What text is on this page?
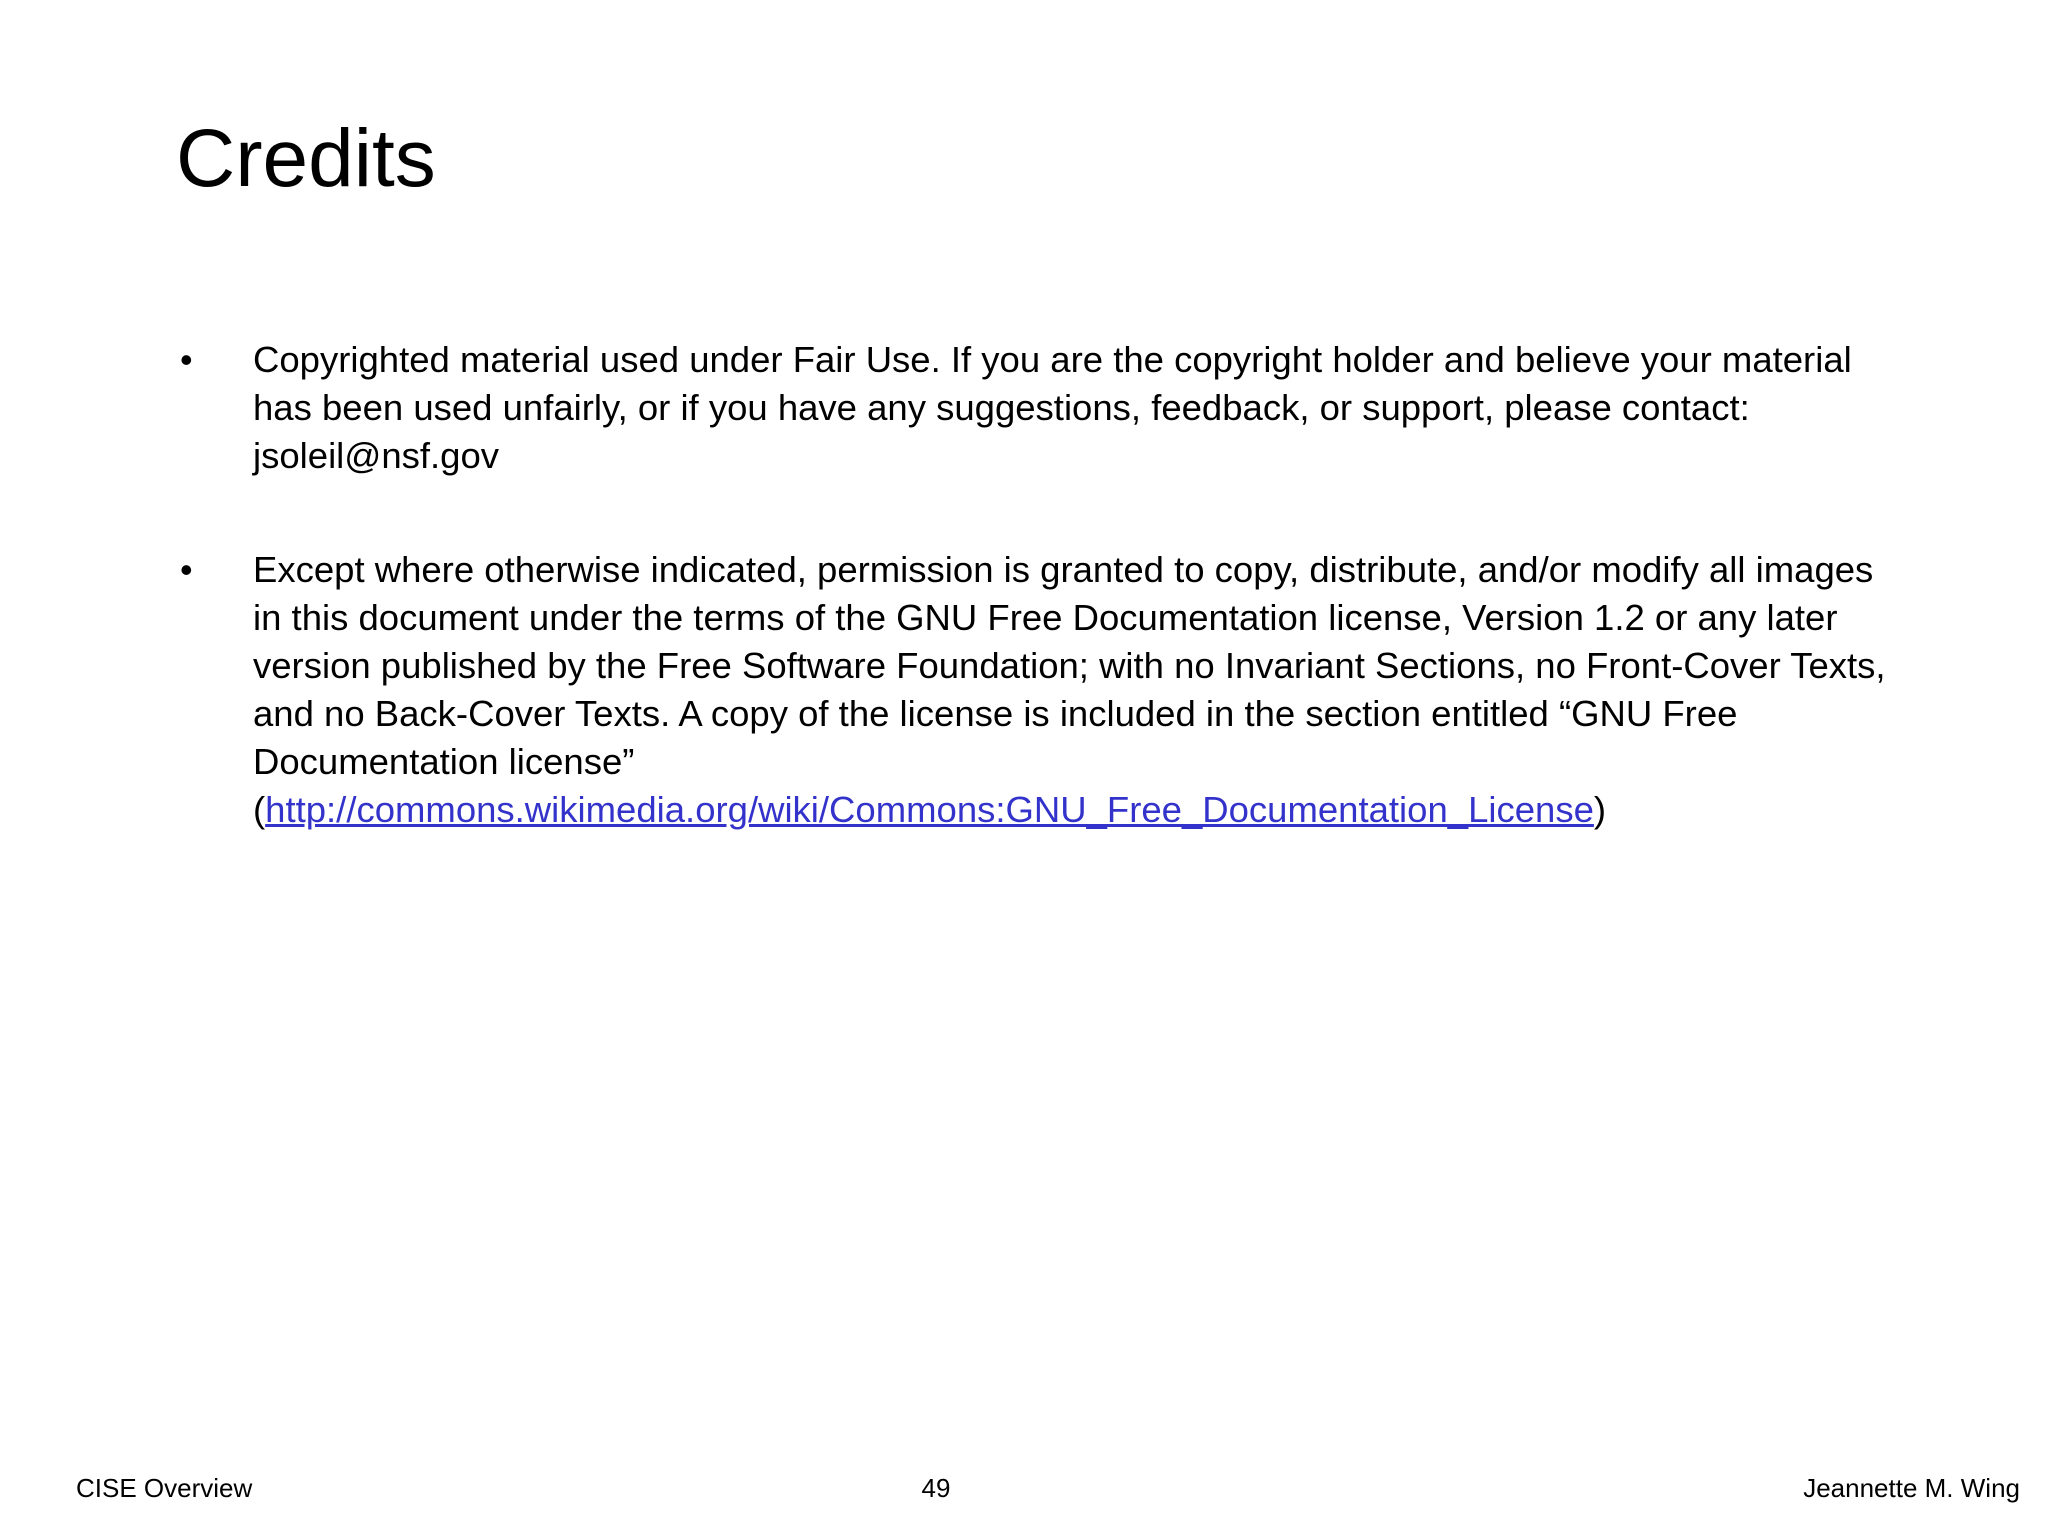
Credits
• Copyrighted material used under Fair Use. If you are the copyright holder and believe your material has been used unfairly, or if you have any suggestions, feedback, or support, please contact: jsoleil@nsf.gov
• Except where otherwise indicated, permission is granted to copy, distribute, and/or modify all images in this document under the terms of the GNU Free Documentation license, Version 1.2 or any later version published by the Free Software Foundation; with no Invariant Sections, no Front-Cover Texts, and no Back-Cover Texts. A copy of the license is included in the section entitled “GNU Free Documentation license”
(http://commons.wikimedia.org/wiki/Commons:GNU_Free_Documentation_License)
CISE Overview	49	Jeannette M. Wing
